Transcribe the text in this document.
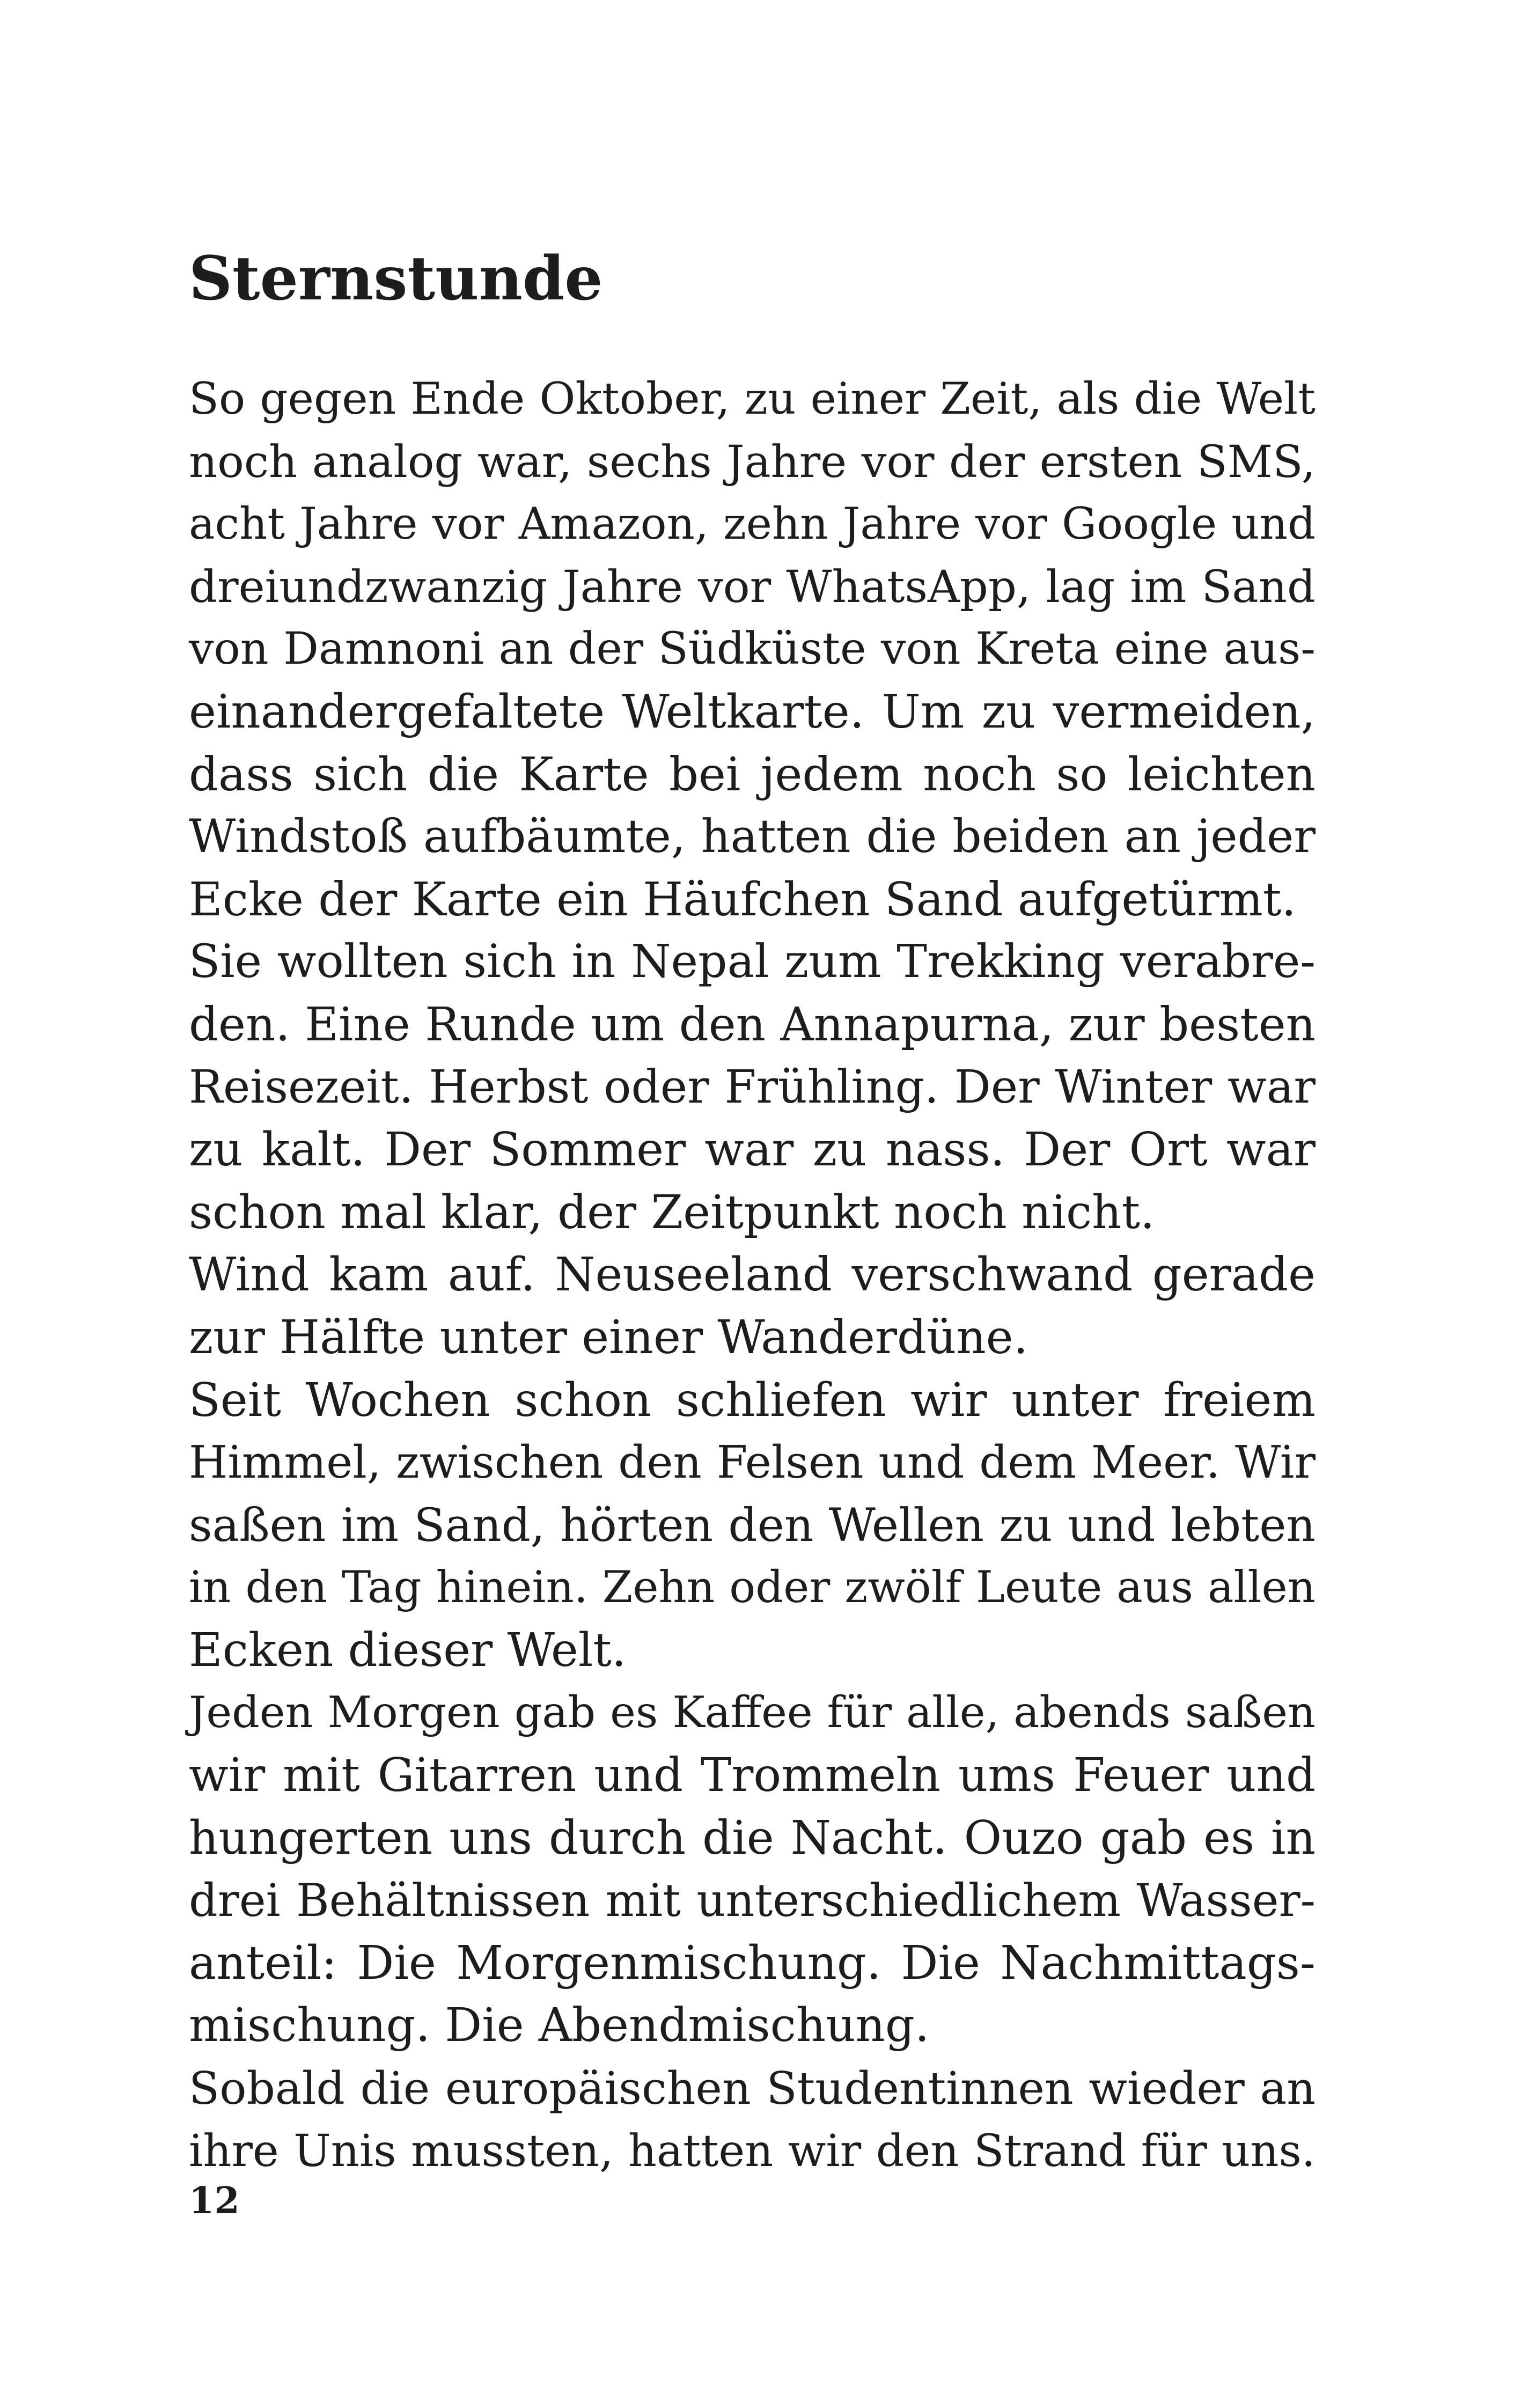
Sternstunde
So gegen Ende Oktober, zu einer Zeit, als die Welt
noch analog war, sechs Jahre vor der ersten SMS,
acht Jahre vor Amazon, zehn Jahre vor Google und
dreiundzwanzig Jahre vor WhatsApp, lag im Sand
von Damnoni an der Südküste von Kreta eine aus-
einandergefaltete Weltkarte. Um zu vermeiden,
dass sich die Karte bei jedem noch so leichten
Windstoß aufbäumte, hatten die beiden an jeder
Ecke der Karte ein Häufchen Sand aufgetürmt.
Sie wollten sich in Nepal zum Trekking verabre-
den. Eine Runde um den Annapurna, zur besten
Reisezeit. Herbst oder Frühling. Der Winter war
zu kalt. Der Sommer war zu nass. Der Ort war
schon mal klar, der Zeitpunkt noch nicht.
Wind kam auf. Neuseeland verschwand gerade
zur Hälfte unter einer Wanderdüne.
Seit Wochen schon schliefen wir unter freiem
Himmel, zwischen den Felsen und dem Meer. Wir
saßen im Sand, hörten den Wellen zu und lebten
in den Tag hinein. Zehn oder zwölf Leute aus allen
Ecken dieser Welt.
Jeden Morgen gab es Kaffee für alle, abends saßen
wir mit Gitarren und Trommeln ums Feuer und
hungerten uns durch die Nacht. Ouzo gab es in
drei Behältnissen mit unterschiedlichem Wasser-
anteil: Die Morgenmischung. Die Nachmittags-
mischung. Die Abendmischung.
Sobald die europäischen Studentinnen wieder an
ihre Unis mussten, hatten wir den Strand für uns.

12
